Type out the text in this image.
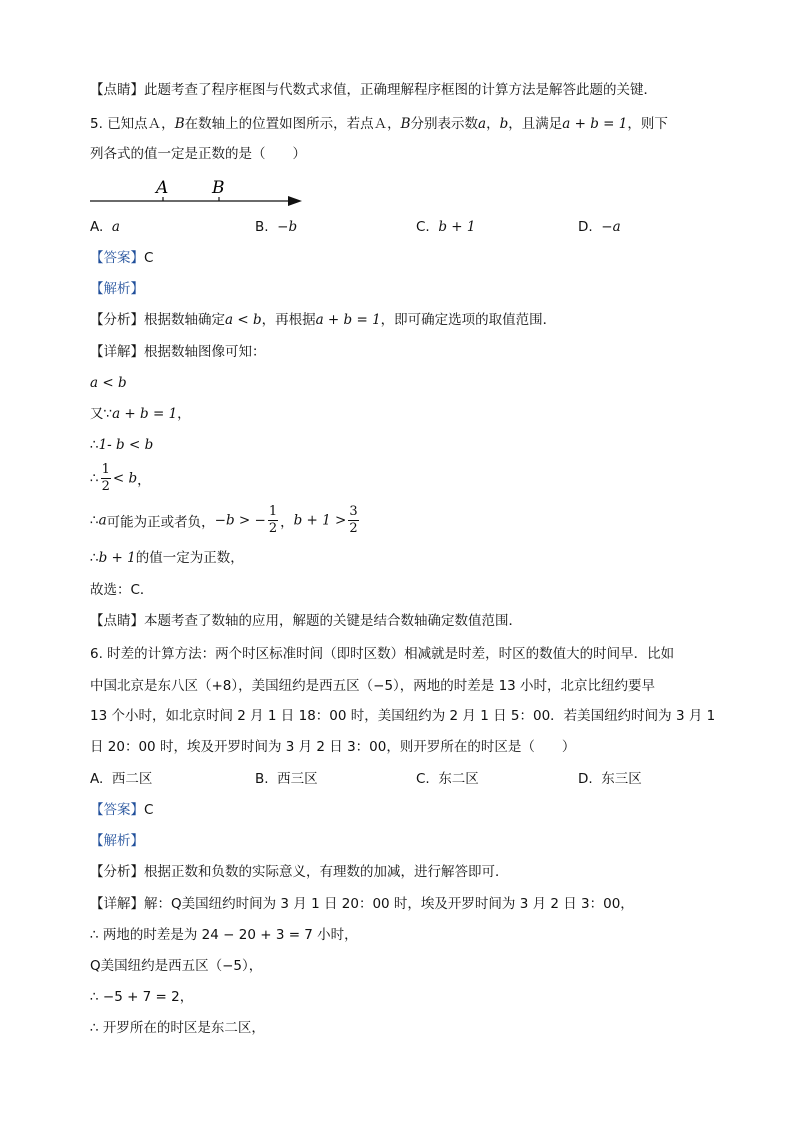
【点睛】此题考查了程序框图与代数式求值，正确理解程序框图的计算方法是解答此题的关键．
5. 已知点Ａ，B在数轴上的位置如图所示，若点Ａ，B分别表示数a，b，且满足a + b = 1，则下
列各式的值一定是正数的是（　　）
A	B
A. a	B. −b	C. b + 1	D. −a
【答案】C
【解析】
【分析】根据数轴确定a < b，再根据a + b = 1，即可确定选项的取值范围．
【详解】根据数轴图像可知：
a < b
又∵a + b = 1，
∴1- b < b
∴ $\frac{1}{2} < b$，
∴a可能为正或者负，−b > − $\frac{1}{2}$ ，$b + 1 > \frac{3}{2}$
∴b + 1的值一定为正数，
故选：C．
【点睛】本题考查了数轴的应用，解题的关键是结合数轴确定数值范围．
6. 时差的计算方法：两个时区标准时间（即时区数）相减就是时差，时区的数值大的时间早．比如
中国北京是东八区（+8），美国纽约是西五区（−5），两地的时差是 13 小时，北京比纽约要早
13 个小时，如北京时间 2 月 1 日 18：00 时，美国纽约为 2 月 1 日 5：00．若美国纽约时间为 3 月 1
日 20：00 时，埃及开罗时间为 3 月 2 日 3：00，则开罗所在的时区是（　　）
A. 西二区	B. 西三区	C. 东二区	D. 东三区
【答案】C
【解析】
【分析】根据正数和负数的实际意义，有理数的加减，进行解答即可．
【详解】解：Q美国纽约时间为 3 月 1 日 20：00 时，埃及开罗时间为 3 月 2 日 3：00，
∴ 两地的时差是为 24 − 20 + 3 = 7 小时，
Q美国纽约是西五区（−5），
∴ −5 + 7 = 2，
∴ 开罗所在的时区是东二区，
